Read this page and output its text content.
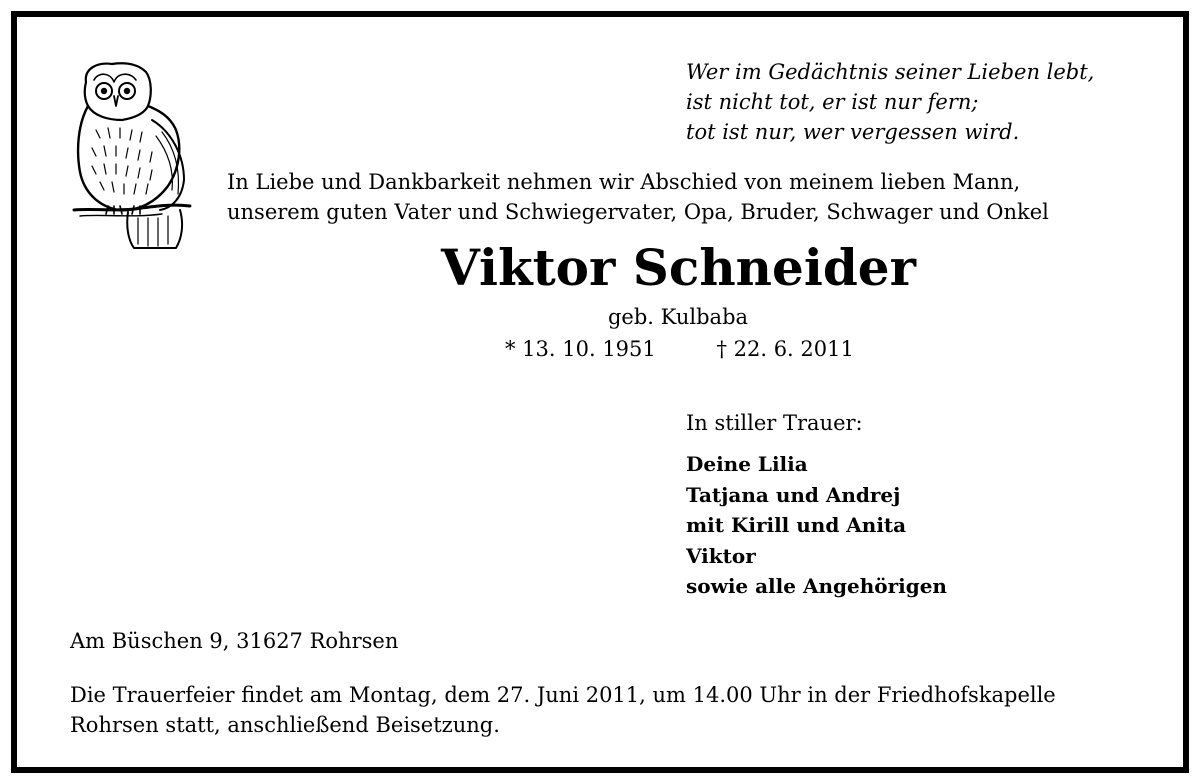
Wer im Gedächtnis seiner Lieben lebt,
ist nicht tot, er ist nur fern;
tot ist nur, wer vergessen wird.
In Liebe und Dankbarkeit nehmen wir Abschied von meinem lieben Mann,
unserem guten Vater und Schwiegervater, Opa, Bruder, Schwager und Onkel
Viktor Schneider
geb. Kulbaba
* 13. 10. 1951	† 22. 6. 2011
In stiller Trauer:
Deine Lilia
Tatjana und Andrej
mit Kirill und Anita
Viktor
sowie alle Angehörigen
Am Büschen 9, 31627 Rohrsen
Die Trauerfeier findet am Montag, dem 27. Juni 2011, um 14.00 Uhr in der Friedhofskapelle
Rohrsen statt, anschließend Beisetzung.
